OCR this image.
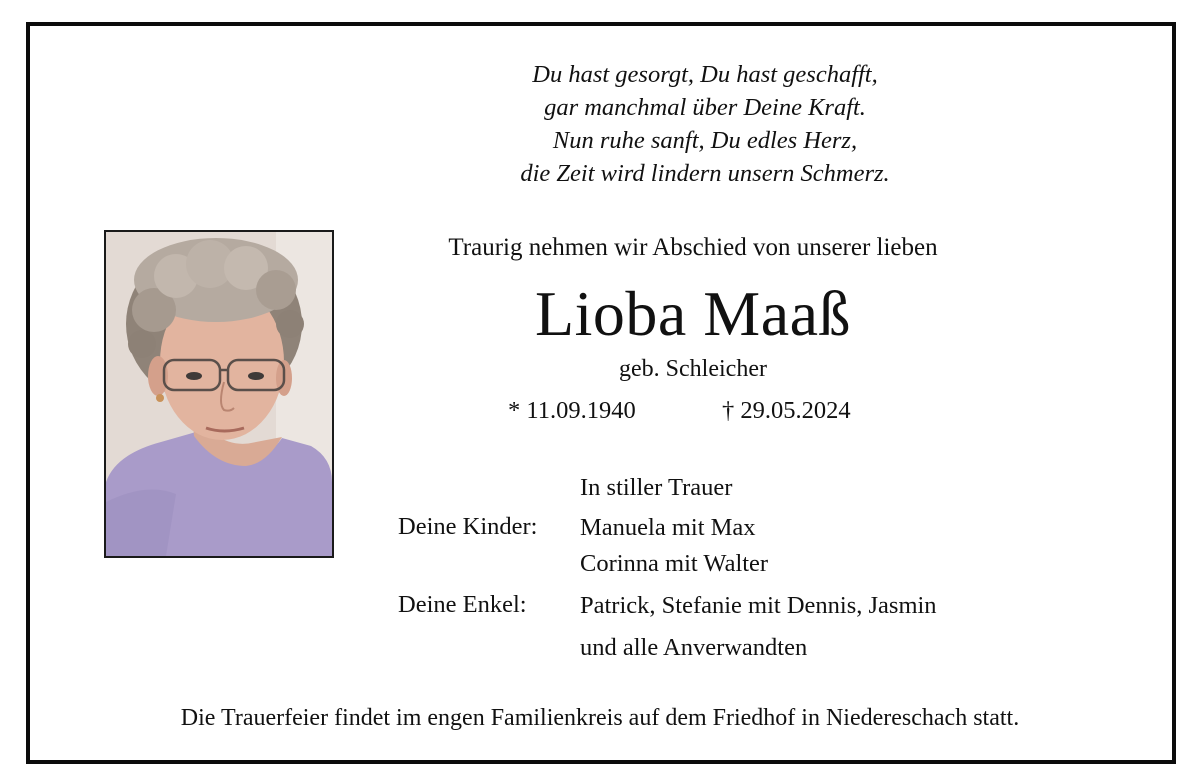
Du hast gesorgt, Du hast geschafft,
gar manchmal über Deine Kraft.
Nun ruhe sanft, Du edles Herz,
die Zeit wird lindern unsern Schmerz.
Traurig nehmen wir Abschied von unserer lieben
Lioba Maaß
geb. Schleicher
* 11.09.1940	† 29.05.2024
In stiller Trauer
Deine Kinder: Manuela mit Max
Corinna mit Walter
Deine Enkel: Patrick, Stefanie mit Dennis, Jasmin
und alle Anverwandten
Die Trauerfeier findet im engen Familienkreis auf dem Friedhof in Niedereschach statt.
